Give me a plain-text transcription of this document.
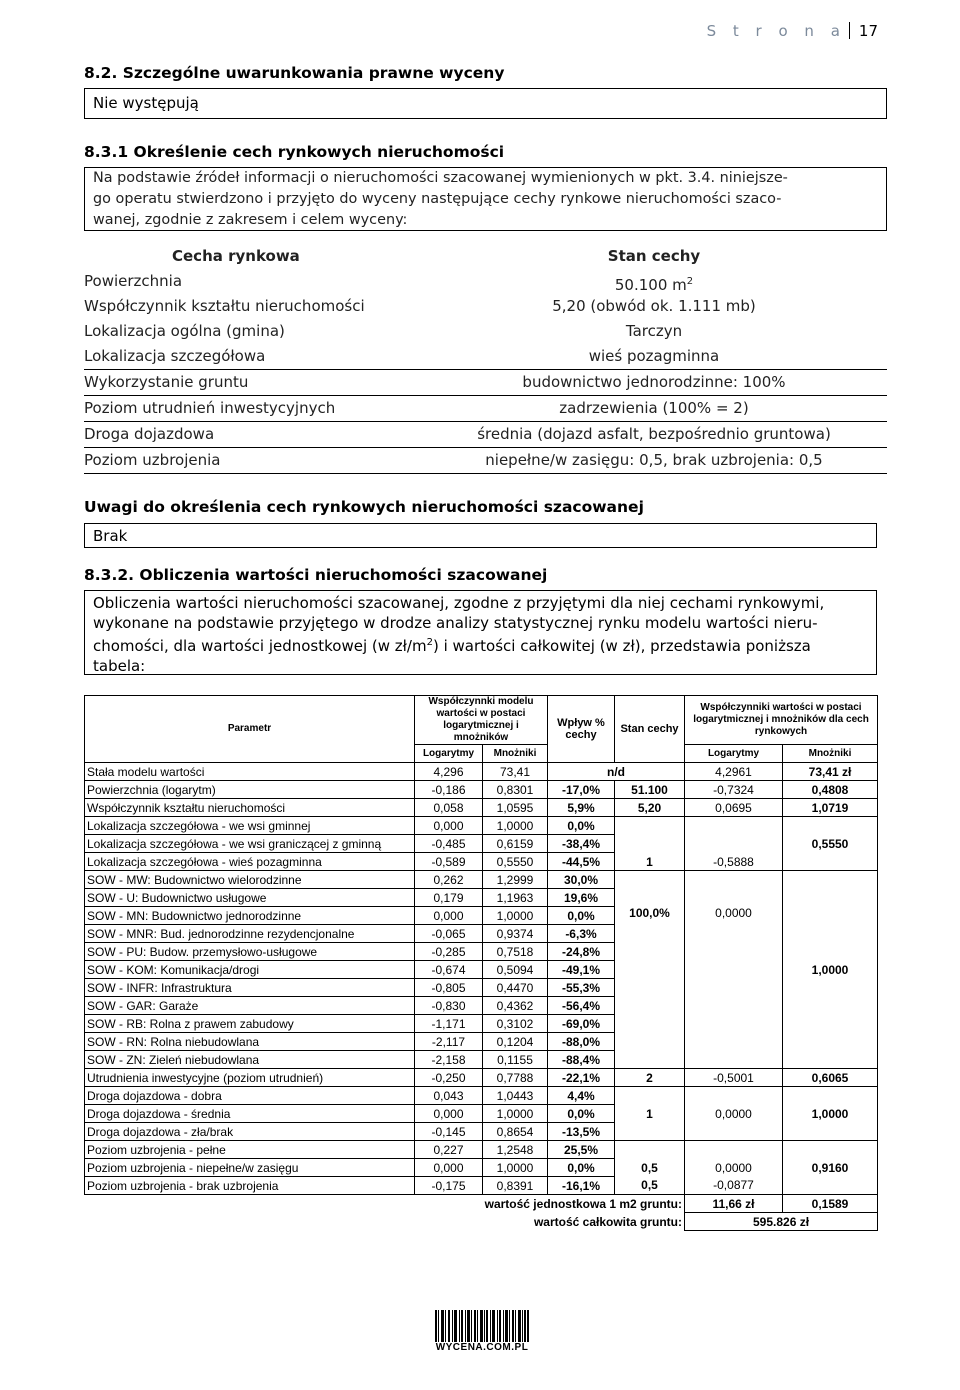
S t r o n a 17
8.2. Szczególne uwarunkowania prawne wyceny
Nie występują
8.3.1 Określenie cech rynkowych nieruchomości
Na podstawie źródeł informacji o nieruchomości szacowanej wymienionych w pkt. 3.4. niniejsze-
go operatu stwierdzono i przyjęto do wyceny następujące cechy rynkowe nieruchomości szaco-
wanej, zgodnie z zakresem i celem wyceny:
Cecha rynkowa	Stan cechy
Powierzchnia	50.100 $m^2$
Współczynnik kształtu nieruchomości	5,20 (obwód ok. 1.111 mb)
Lokalizacja ogólna (gmina)	Tarczyn
Lokalizacja szczegółowa	wieś pozagminna
Wykorzystanie gruntu	budownictwo jednorodzinne: 100%
Poziom utrudnień inwestycyjnych	zadrzewienia (100% = 2)
Droga dojazdowa	średnia (dojazd asfalt, bezpośrednio gruntowa)
Poziom uzbrojenia	niepełne/w zasięgu: 0,5, brak uzbrojenia: 0,5
Uwagi do określenia cech rynkowych nieruchomości szacowanej
Brak
8.3.2. Obliczenia wartości nieruchomości szacowanej
Obliczenia wartości nieruchomości szacowanej, zgodne z przyjętymi dla niej cechami rynkowymi,
wykonane na podstawie przyjętego w drodze analizy statystycznej rynku modelu wartości nieru-
chomości, dla wartości jednostkowej (w $zł/m^2$) i wartości całkowitej (w zł), przedstawia poniższa
tabela:
Parametr	Współczynnki modelu wartości w postaci logarytmicznej i mnożników		Wpływ % cechy	Stan cechy	Współczynniki wartości w postaci logarytmicznej i mnożników dla cech rynkowych	
	Logarytmy	Mnożniki			Logarytmy	Mnożniki
Stała modelu wartości	4,296	73,41	n/d		4,2961	73,41 zł
Powierzchnia (logarytm)	-0,186	0,8301	-17,0%	51.100	-0,7324	0,4808
Współczynnik kształtu nieruchomości	0,058	1,0595	5,9%	5,20	0,0695	1,0719
Lokalizacja szczegółowa - we wsi gminnej	0,000	1,0000	0,0%	1	-0,5888	0,5550
Lokalizacja szczegółowa - we wsi graniczącej z gminną	-0,485	0,6159	-38,4%			
Lokalizacja szczegółowa - wieś pozagminna	-0,589	0,5550	-44,5%			
SOW - MW: Budownictwo wielorodzinne	0,262	1,2999	30,0%	100,0%	0,0000	1,0000
SOW - U: Budownictwo usługowe	0,179	1,1963	19,6%			
SOW - MN: Budownictwo jednorodzinne	0,000	1,0000	0,0%			
SOW - MNR: Bud. jednorodzinne rezydencjonalne	-0,065	0,9374	-6,3%			
SOW - PU: Budow. przemysłowo-usługowe	-0,285	0,7518	-24,8%			
SOW - KOM: Komunikacja/drogi	-0,674	0,5094	-49,1%			
SOW - INFR: Infrastruktura	-0,805	0,4470	-55,3%			
SOW - GAR: Garaże	-0,830	0,4362	-56,4%			
SOW - RB: Rolna z prawem zabudowy	-1,171	0,3102	-69,0%			
SOW - RN: Rolna niebudowlana	-2,117	0,1204	-88,0%			
SOW - ZN: Zieleń niebudowlana	-2,158	0,1155	-88,4%			
Utrudnienia inwestycyjne (poziom utrudnień)	-0,250	0,7788	-22,1%	2	-0,5001	0,6065
Droga dojazdowa - dobra	0,043	1,0443	4,4%	1	0,0000	1,0000
Droga dojazdowa - średnia	0,000	1,0000	0,0%			
Droga dojazdowa - zła/brak	-0,145	0,8654	-13,5%			
Poziom uzbrojenia - pełne	0,227	1,2548	25,5%			0,9160
Poziom uzbrojenia - niepełne/w zasięgu	0,000	1,0000	0,0%	0,5	0,0000	
Poziom uzbrojenia - brak uzbrojenia	-0,175	0,8391	-16,1%	0,5	-0,0877	
wartość jednostkowa 1 m2 gruntu:					11,66 zł	0,1589
wartość całkowita gruntu:					595.826 zł	
WYCENA.COM.PL
